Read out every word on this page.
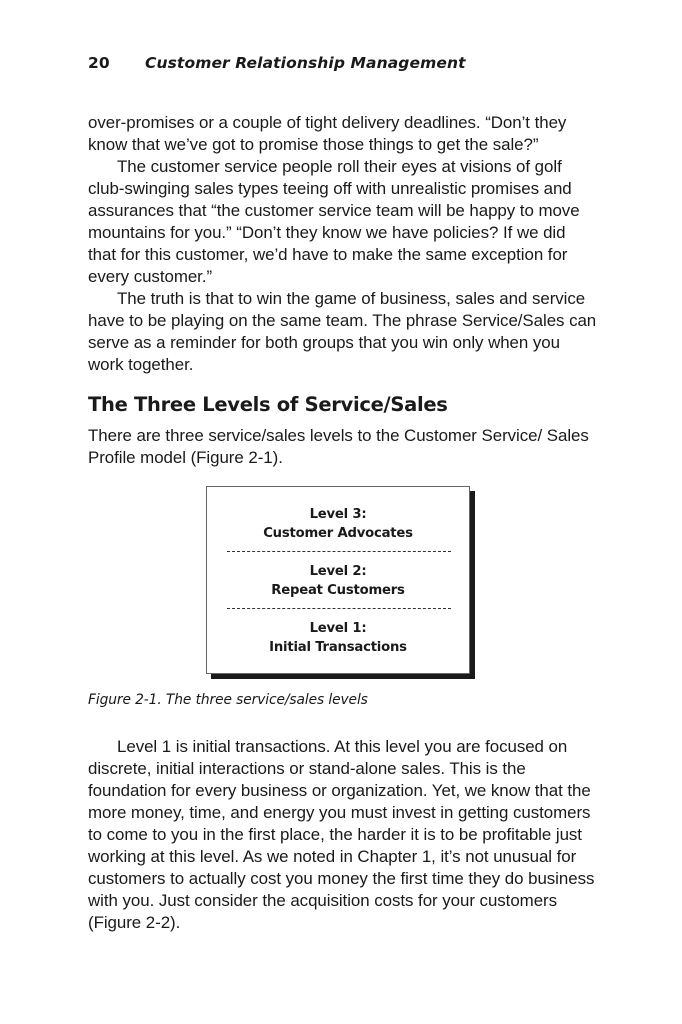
20 Customer Relationship Management

over-promises or a couple of tight delivery deadlines. “Don’t they know that we’ve got to promise those things to get the sale?”

The customer service people roll their eyes at visions of golf club-swinging sales types teeing off with unrealistic promises and assurances that “the customer service team will be happy to move mountains for you.” “Don’t they know we have policies? If we did that for this customer, we’d have to make the same exception for every customer.”

The truth is that to win the game of business, sales and service have to be playing on the same team. The phrase Service/Sales can serve as a reminder for both groups that you win only when you work together.

The Three Levels of Service/Sales

There are three service/sales levels to the Customer Service/ Sales Profile model (Figure 2-1).

Level 3:
Customer Advocates
Level 2:
Repeat Customers
Level 1:
Initial Transactions

Figure 2-1. The three service/sales levels

Level 1 is initial transactions. At this level you are focused on discrete, initial interactions or stand-alone sales. This is the foundation for every business or organization. Yet, we know that the more money, time, and energy you must invest in getting customers to come to you in the first place, the harder it is to be profitable just working at this level. As we noted in Chapter 1, it’s not unusual for customers to actually cost you money the first time they do business with you. Just consider the acquisition costs for your customers (Figure 2-2).
